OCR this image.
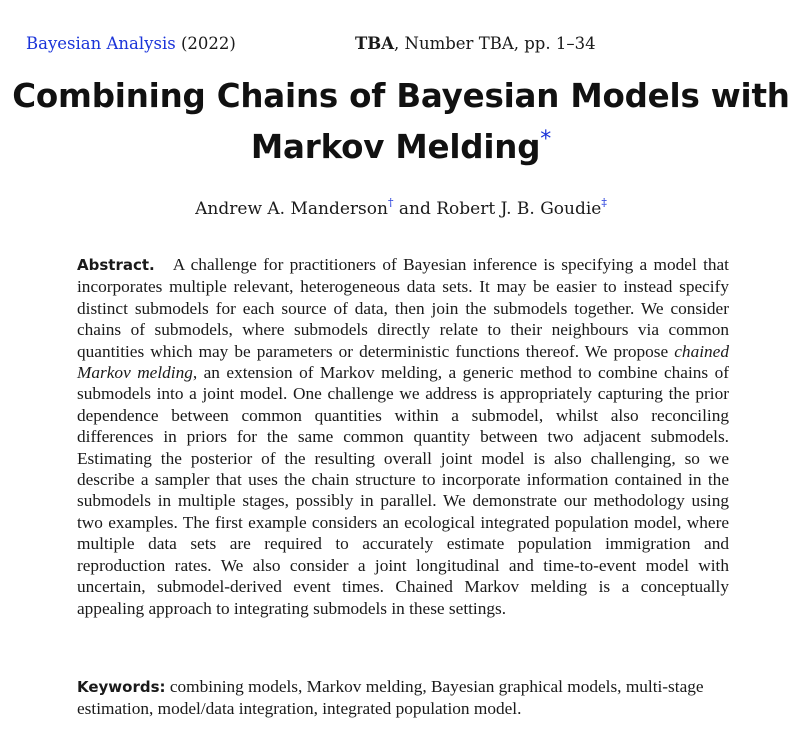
Bayesian Analysis (2022)	TBA, Number TBA, pp. 1–34
Combining Chains of Bayesian Models with
Markov Melding*
Andrew A. Manderson† and Robert J. B. Goudie‡

Abstract. A challenge for practitioners of Bayesian inference is specifying a model that incorporates multiple relevant, heterogeneous data sets. It may be easier to instead specify distinct submodels for each source of data, then join the submodels together. We consider chains of submodels, where submodels directly relate to their neighbours via common quantities which may be parameters or deterministic functions thereof. We propose chained Markov melding, an extension of Markov melding, a generic method to combine chains of submodels into a joint model. One challenge we address is appropriately capturing the prior dependence between common quantities within a submodel, whilst also reconciling differences in priors for the same common quantity between two adjacent submodels. Estimating the posterior of the resulting overall joint model is also challenging, so we describe a sampler that uses the chain structure to incorporate information contained in the submodels in multiple stages, possibly in parallel. We demonstrate our methodology using two examples. The first example considers an ecological integrated population model, where multiple data sets are required to accurately estimate population immigration and reproduction rates. We also consider a joint longitudinal and time-to-event model with uncertain, submodel-derived event times. Chained Markov melding is a conceptually appealing approach to integrating submodels in these settings.

Keywords: combining models, Markov melding, Bayesian graphical models, multi-stage estimation, model/data integration, integrated population model.
